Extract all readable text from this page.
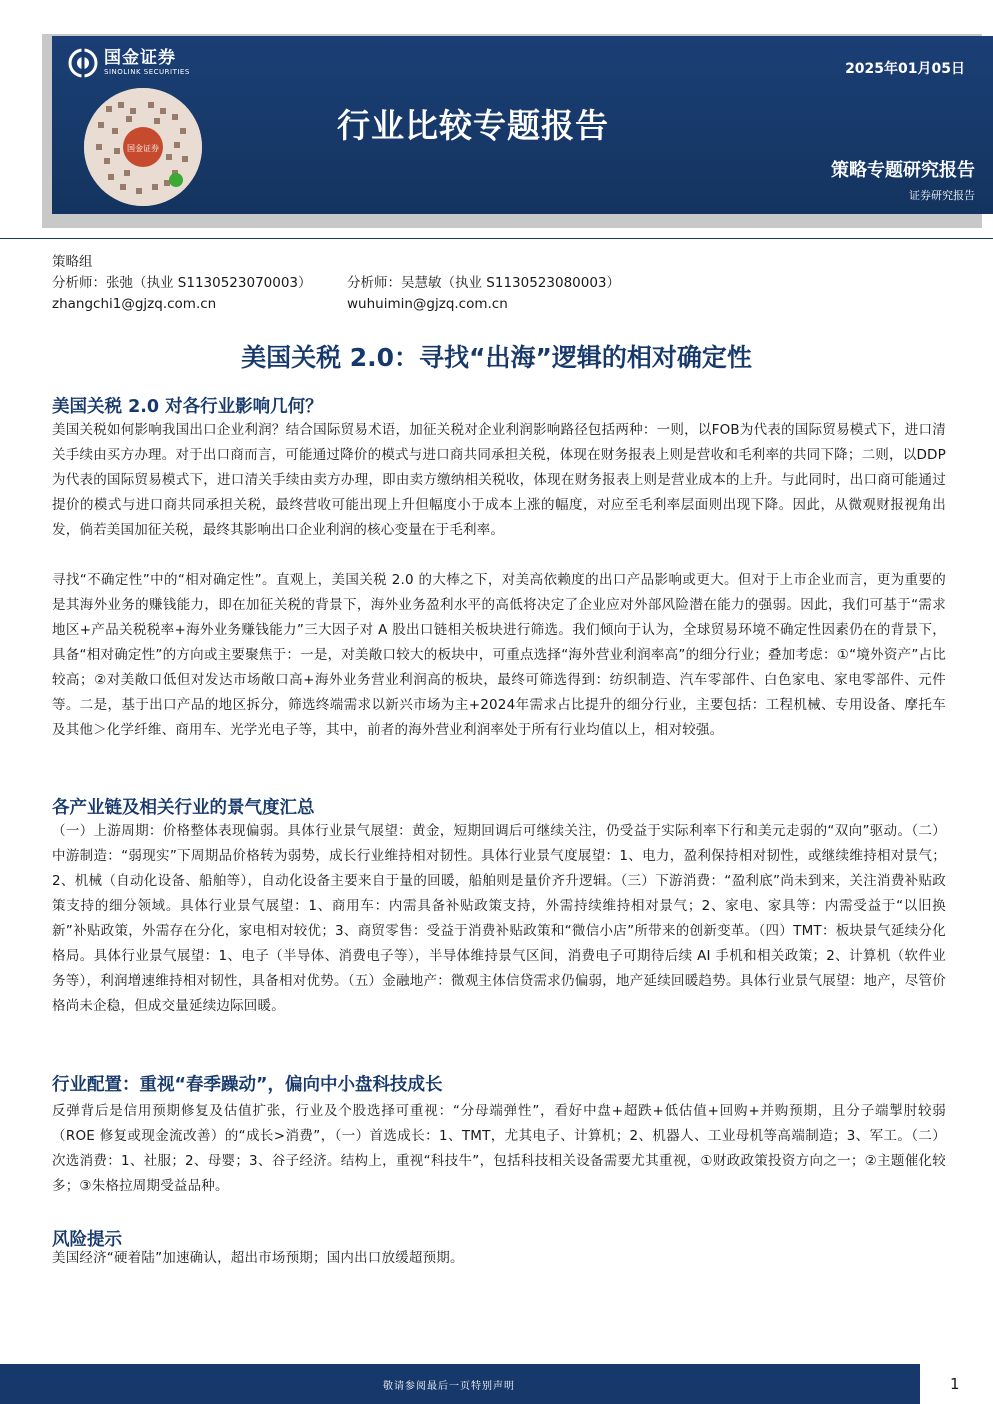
国金证券
SINOLINK SECURITIES
国金证券
行业比较专题报告
2025年01月05日
策略专题研究报告
证券研究报告
策略组
分析师：张弛（执业 S1130523070003）	分析师：吴慧敏（执业 S1130523080003）
zhangchi1@gjzq.com.cn	wuhuimin@gjzq.com.cn
美国关税 2.0：寻找“出海”逻辑的相对确定性
美国关税 2.0 对各行业影响几何？

美国关税如何影响我国出口企业利润？结合国际贸易术语，加征关税对企业利润影响路径包括两种：一则，以FOB为代表的国际贸易模式下，进口清关手续由买方办理。对于出口商而言，可能通过降价的模式与进口商共同承担关税，体现在财务报表上则是营收和毛利率的共同下降；二则，以DDP为代表的国际贸易模式下，进口清关手续由卖方办理，即由卖方缴纳相关税收，体现在财务报表上则是营业成本的上升。与此同时，出口商可能通过提价的模式与进口商共同承担关税，最终营收可能出现上升但幅度小于成本上涨的幅度，对应至毛利率层面则出现下降。因此，从微观财报视角出发，倘若美国加征关税，最终其影响出口企业利润的核心变量在于毛利率。

寻找“不确定性”中的“相对确定性”。直观上，美国关税 2.0 的大棒之下，对美高依赖度的出口产品影响或更大。但对于上市企业而言，更为重要的是其海外业务的赚钱能力，即在加征关税的背景下，海外业务盈利水平的高低将决定了企业应对外部风险潜在能力的强弱。因此，我们可基于“需求地区+产品关税税率+海外业务赚钱能力”三大因子对 A 股出口链相关板块进行筛选。我们倾向于认为，全球贸易环境不确定性因素仍在的背景下，具备“相对确定性”的方向或主要聚焦于：一是，对美敞口较大的板块中，可重点选择“海外营业利润率高”的细分行业；叠加考虑：①“境外资产”占比较高；②对美敞口低但对发达市场敞口高+海外业务营业利润高的板块，最终可筛选得到：纺织制造、汽车零部件、白色家电、家电零部件、元件等。二是，基于出口产品的地区拆分，筛选终端需求以新兴市场为主+2024年需求占比提升的细分行业，主要包括：工程机械、专用设备、摩托车及其他＞化学纤维、商用车、光学光电子等，其中，前者的海外营业利润率处于所有行业均值以上，相对较强。

各产业链及相关行业的景气度汇总

（一）上游周期：价格整体表现偏弱。具体行业景气展望：黄金，短期回调后可继续关注，仍受益于实际利率下行和美元走弱的“双向”驱动。（二）中游制造：“弱现实”下周期品价格转为弱势，成长行业维持相对韧性。具体行业景气度展望：1、电力，盈利保持相对韧性，或继续维持相对景气；2、机械（自动化设备、船舶等），自动化设备主要来自于量的回暖，船舶则是量价齐升逻辑。（三）下游消费：“盈利底”尚未到来，关注消费补贴政策支持的细分领域。具体行业景气展望：1、商用车：内需具备补贴政策支持，外需持续维持相对景气；2、家电、家具等：内需受益于“以旧换新”补贴政策，外需存在分化，家电相对较优；3、商贸零售：受益于消费补贴政策和“微信小店”所带来的创新变革。（四）TMT：板块景气延续分化格局。具体行业景气展望：1、电子（半导体、消费电子等），半导体维持景气区间，消费电子可期待后续 AI 手机和相关政策；2、计算机（软件业务等），利润增速维持相对韧性，具备相对优势。（五）金融地产：微观主体信贷需求仍偏弱，地产延续回暖趋势。具体行业景气展望：地产，尽管价格尚未企稳，但成交量延续边际回暖。

行业配置：重视“春季躁动”，偏向中小盘科技成长

反弹背后是信用预期修复及估值扩张，行业及个股选择可重视：“分母端弹性”，看好中盘+超跌+低估值+回购+并购预期，且分子端掣肘较弱（ROE 修复或现金流改善）的“成长>消费”，（一）首选成长：1、TMT，尤其电子、计算机；2、机器人、工业母机等高端制造；3、军工。（二）次选消费：1、社服；2、母婴；3、谷子经济。结构上，重视“科技牛”，包括科技相关设备需要尤其重视，①财政政策投资方向之一；②主题催化较多；③朱格拉周期受益品种。

风险提示

美国经济“硬着陆”加速确认，超出市场预期；国内出口放缓超预期。

敬请参阅最后一页特别声明	1
